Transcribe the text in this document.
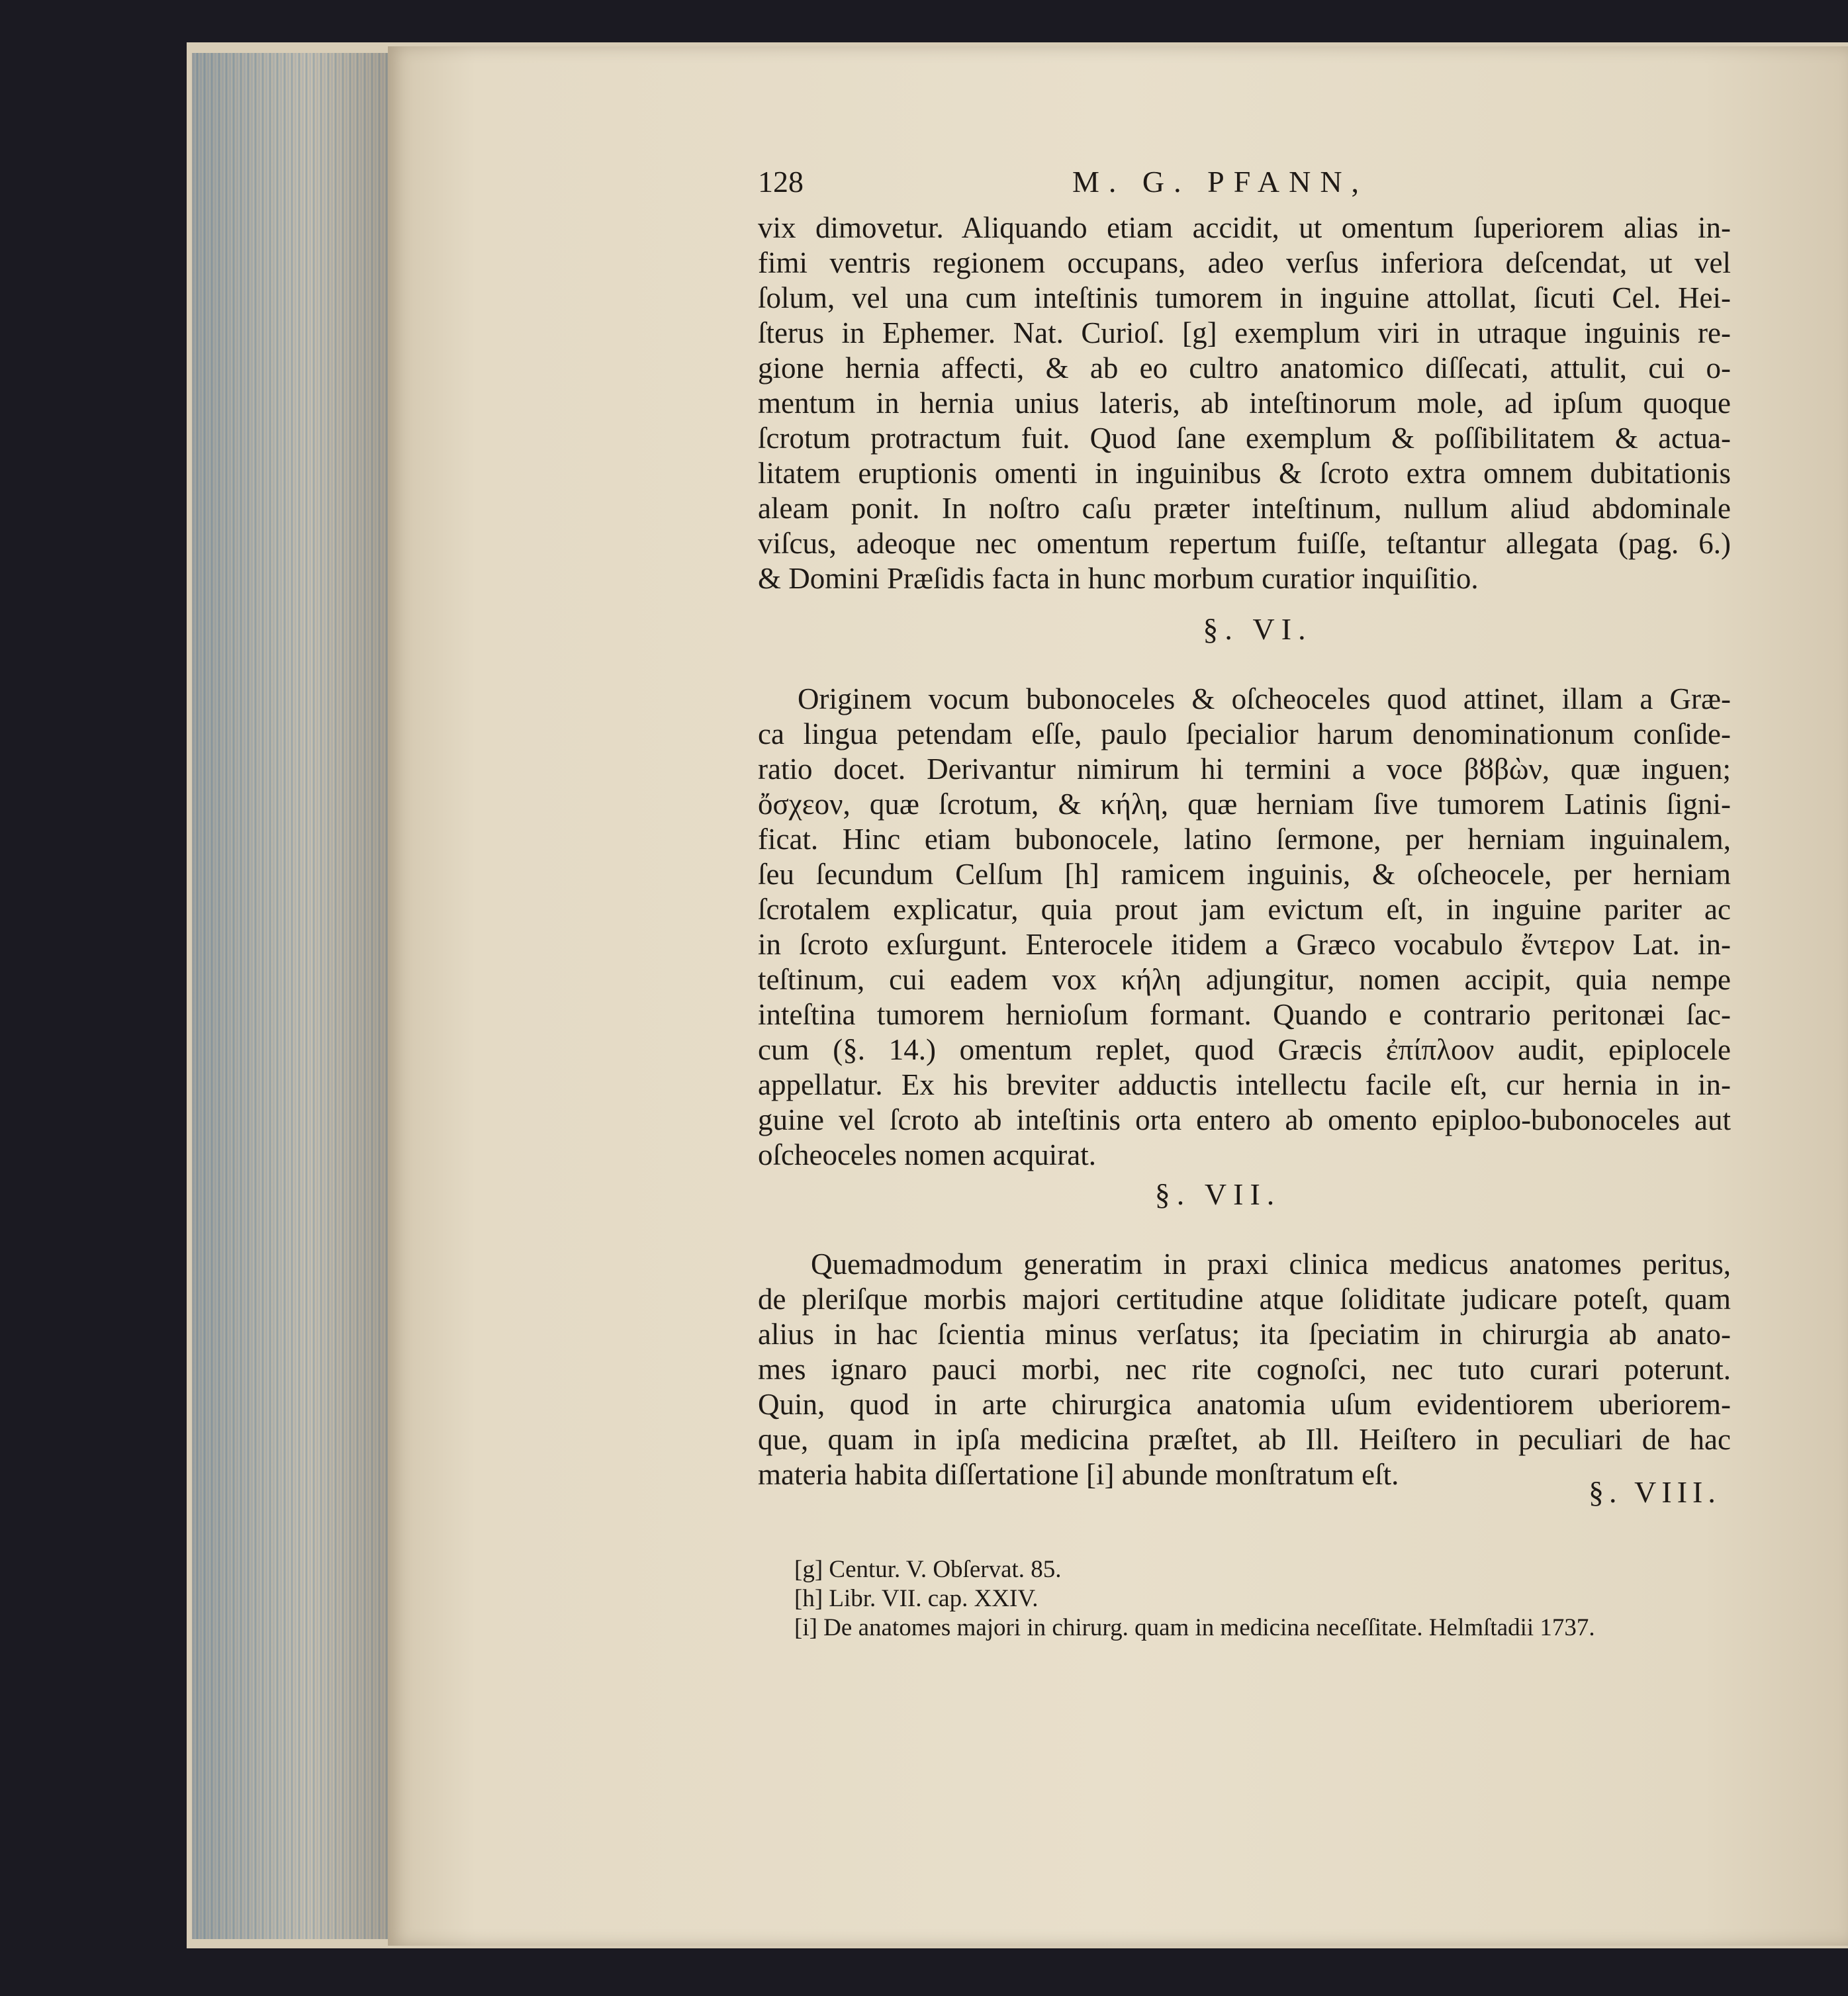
128	M. G. PFANN,
vix dimovetur. Aliquando etiam accidit, ut omentum ſuperiorem alias in-
fimi ventris regionem occupans, adeo verſus inferiora deſcendat, ut vel
ſolum, vel una cum inteſtinis tumorem in inguine attollat, ſicuti Cel. Hei-
ſterus in Ephemer. Nat. Curioſ. [g] exemplum viri in utraque inguinis re-
gione hernia affecti, & ab eo cultro anatomico diſſecati, attulit, cui o-
mentum in hernia unius lateris, ab inteſtinorum mole, ad ipſum quoque
ſcrotum protractum fuit. Quod ſane exemplum & poſſibilitatem & actua-
litatem eruptionis omenti in inguinibus & ſcroto extra omnem dubitationis
aleam ponit. In noſtro caſu præter inteſtinum, nullum aliud abdominale
viſcus, adeoque nec omentum repertum fuiſſe, teſtantur allegata (pag. 6.)
& Domini Præſidis facta in hunc morbum curatior inquiſitio.
§. VI.
Originem vocum bubonoceles & oſcheoceles quod attinet, illam a Græ-
ca lingua petendam eſſe, paulo ſpecialior harum denominationum conſide-
ratio docet. Derivantur nimirum hi termini a voce βȣβὼν, quæ inguen;
ὄσχεον, quæ ſcrotum, & κήλη, quæ herniam ſive tumorem Latinis ſigni-
ficat. Hinc etiam bubonocele, latino ſermone, per herniam inguinalem,
ſeu ſecundum Celſum [h] ramicem inguinis, & oſcheocele, per herniam
ſcrotalem explicatur, quia prout jam evictum eſt, in inguine pariter ac
in ſcroto exſurgunt. Enterocele itidem a Græco vocabulo ἔντερον Lat. in-
teſtinum, cui eadem vox κήλη adjungitur, nomen accipit, quia nempe
inteſtina tumorem hernioſum formant. Quando e contrario peritonæi ſac-
cum (§. 14.) omentum replet, quod Græcis ἐπίπλοον audit, epiplocele
appellatur. Ex his breviter adductis intellectu facile eſt, cur hernia in in-
guine vel ſcroto ab inteſtinis orta entero ab omento epiploo-bubonoceles aut
oſcheoceles nomen acquirat.
§. VII.
Quemadmodum generatim in praxi clinica medicus anatomes peritus,
de pleriſque morbis majori certitudine atque ſoliditate judicare poteſt, quam
alius in hac ſcientia minus verſatus; ita ſpeciatim in chirurgia ab anato-
mes ignaro pauci morbi, nec rite cognoſci, nec tuto curari poterunt.
Quin, quod in arte chirurgica anatomia uſum evidentiorem uberiorem-
que, quam in ipſa medicina præſtet, ab Ill. Heiſtero in peculiari de hac
materia habita diſſertatione [i] abunde monſtratum eſt.
§. VIII.
[g] Centur. V. Obſervat. 85.
[h] Libr. VII. cap. XXIV.
[i] De anatomes majori in chirurg. quam in medicina neceſſitate. Helmſtadii 1737.
